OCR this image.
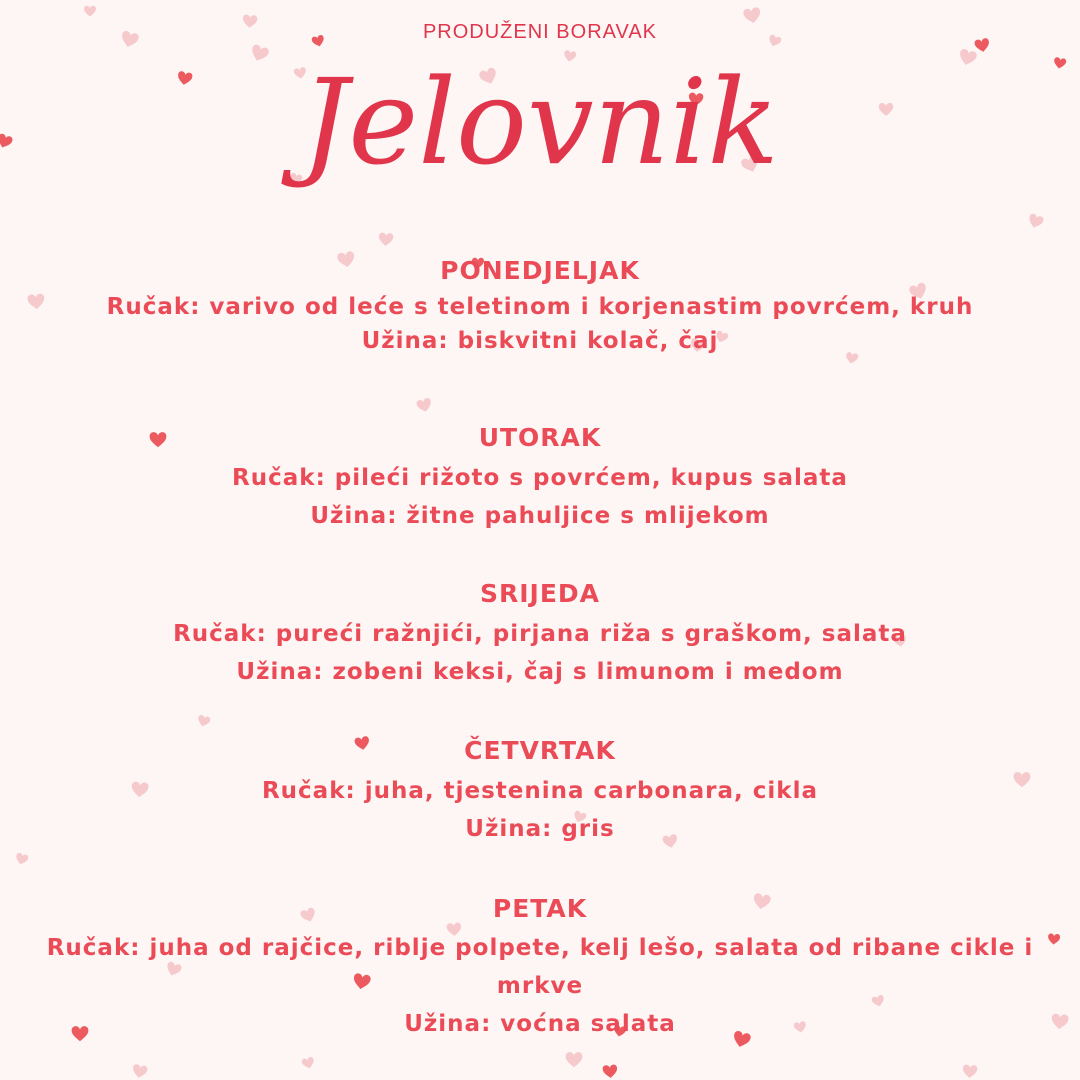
PRODUŽENI BORAVAK
Jelovnik
PONEDJELJAK
Ručak: varivo od leće s teletinom i korjenastim povrćem, kruh
Užina: biskvitni kolač, čaj
UTORAK
Ručak: pileći rižoto s povrćem, kupus salata
Užina: žitne pahuljice s mlijekom
SRIJEDA
Ručak: pureći ražnjići, pirjana riža s graškom, salata
Užina: zobeni keksi, čaj s limunom i medom
ČETVRTAK
Ručak: juha, tjestenina carbonara, cikla
Užina: gris
PETAK
Ručak: juha od rajčice, riblje polpete, kelj lešo, salata od ribane cikle i mrkve
Užina: voćna salata
